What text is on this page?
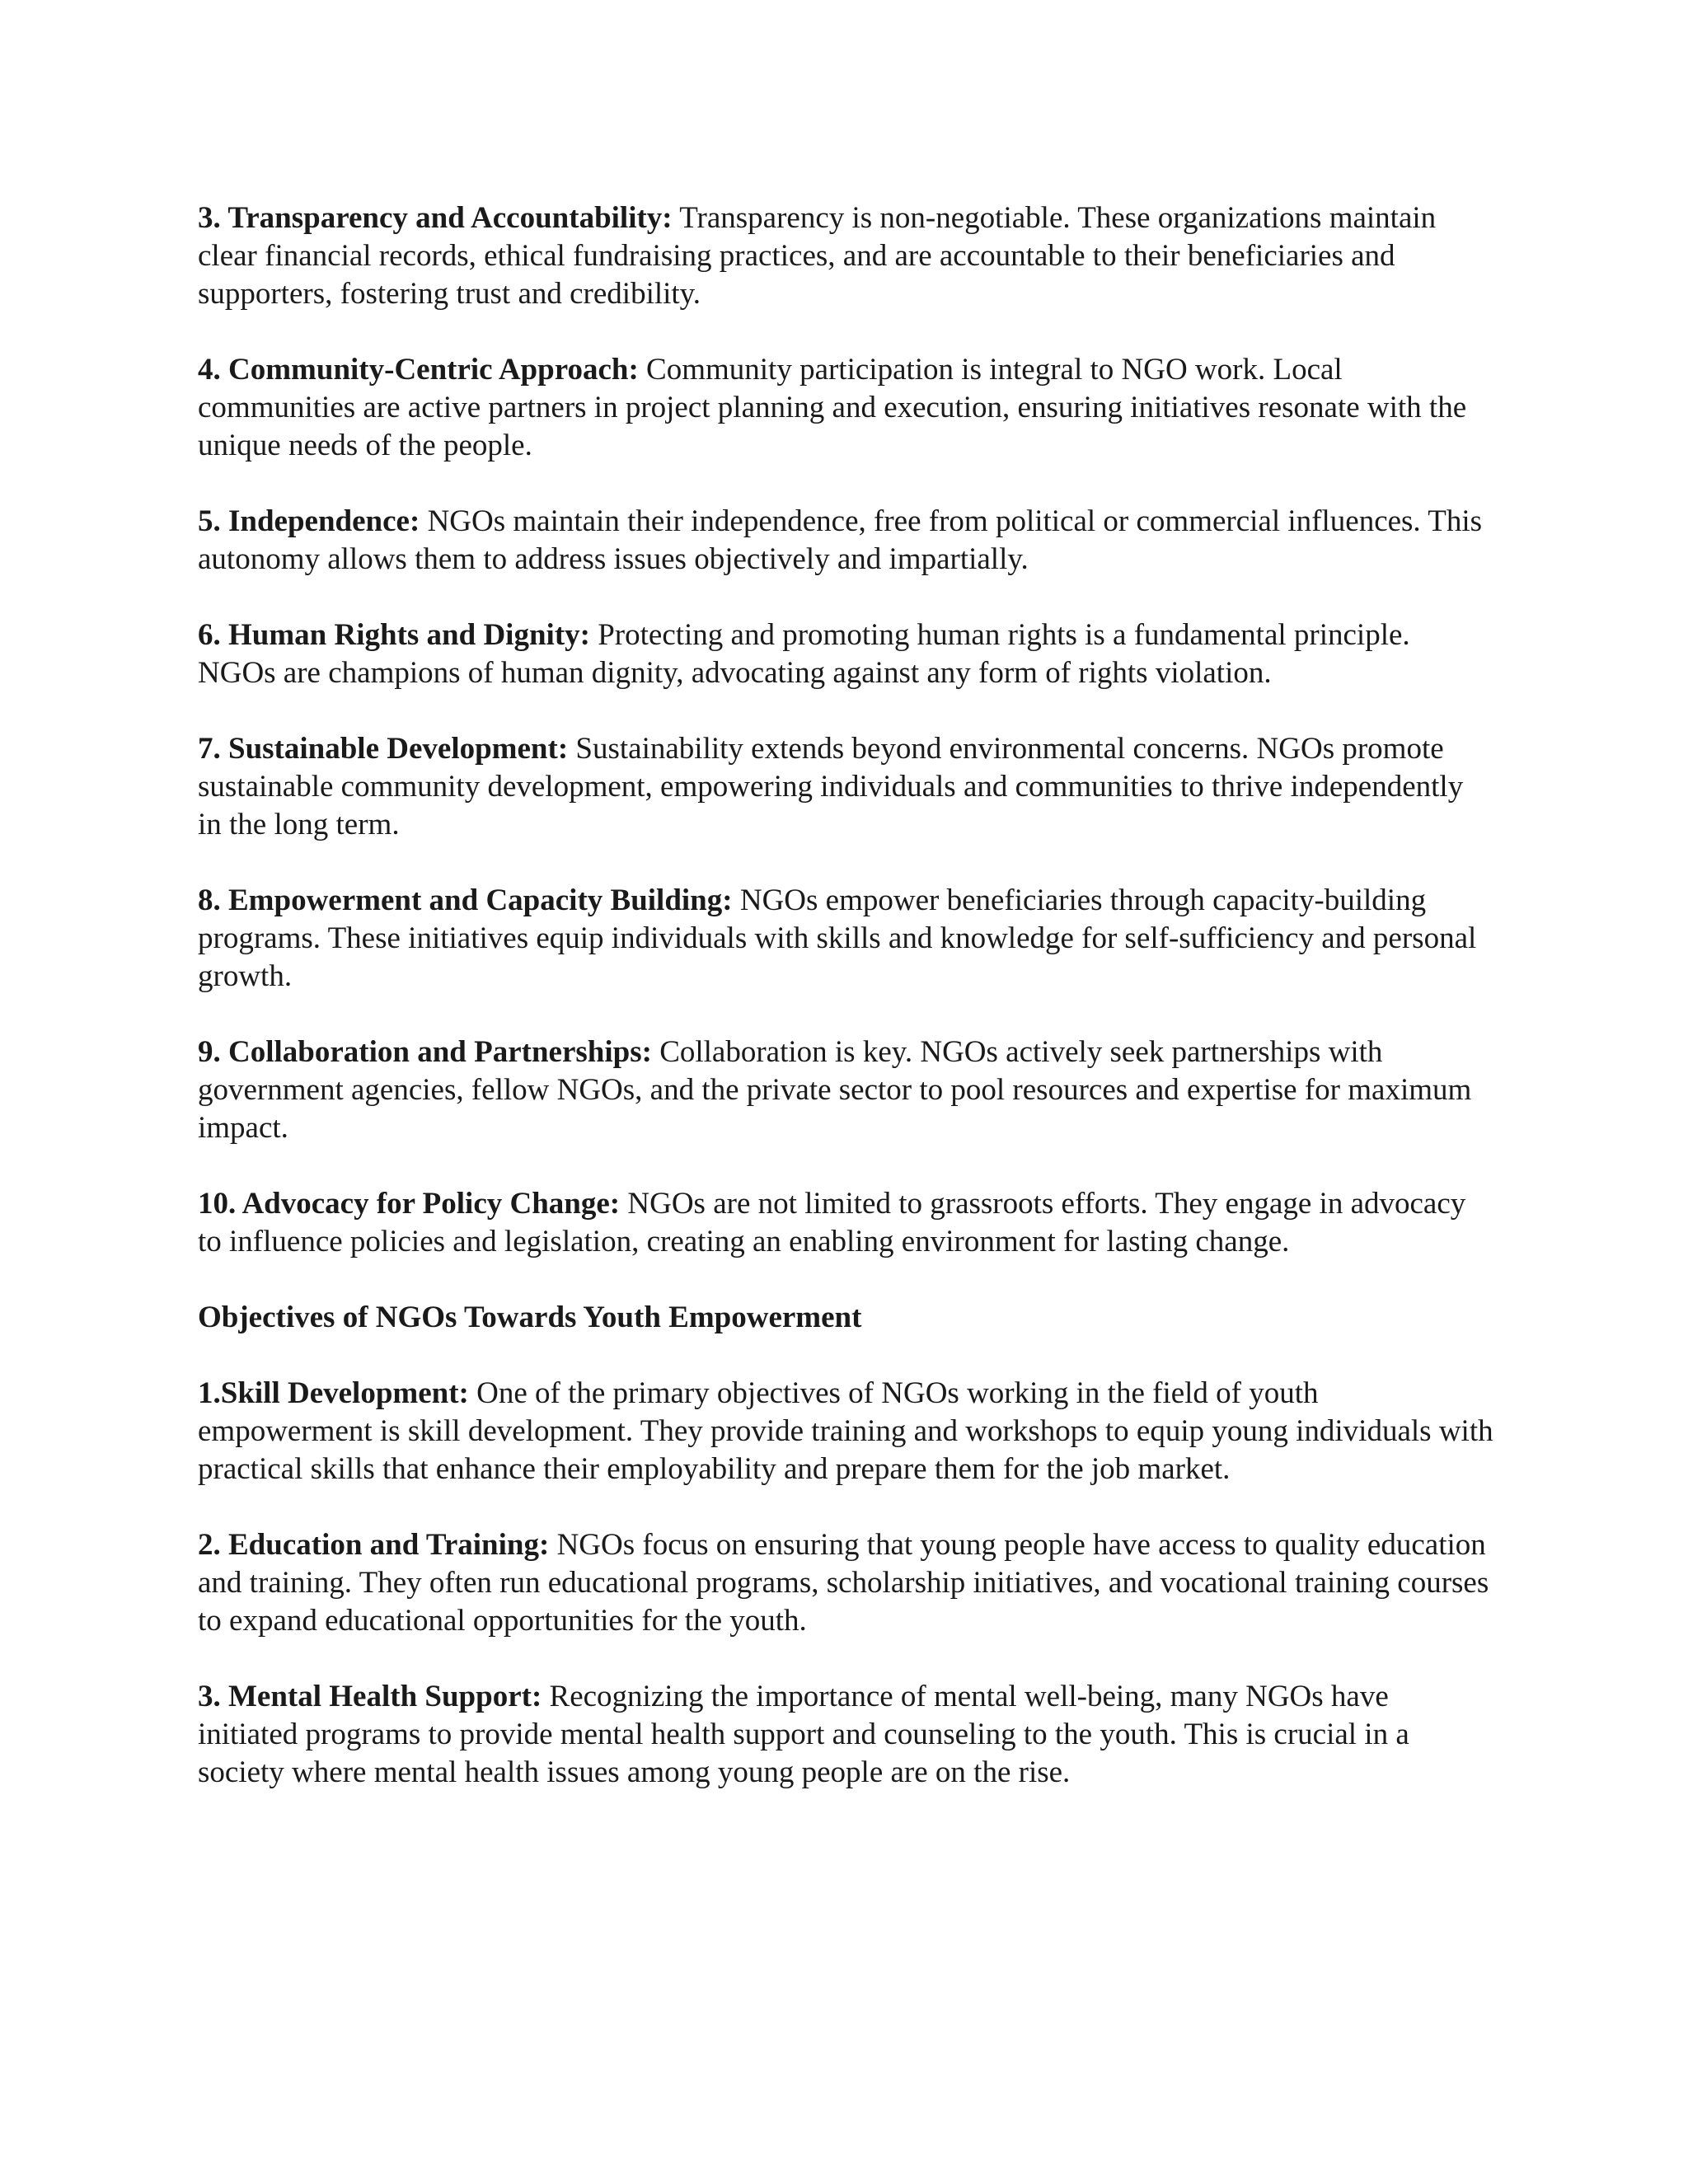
3. Transparency and Accountability: Transparency is non-negotiable. These organizations maintain clear financial records, ethical fundraising practices, and are accountable to their beneficiaries and supporters, fostering trust and credibility.

4. Community-Centric Approach: Community participation is integral to NGO work. Local communities are active partners in project planning and execution, ensuring initiatives resonate with the unique needs of the people.

5. Independence: NGOs maintain their independence, free from political or commercial influences. This autonomy allows them to address issues objectively and impartially.

6. Human Rights and Dignity: Protecting and promoting human rights is a fundamental principle. NGOs are champions of human dignity, advocating against any form of rights violation.

7. Sustainable Development: Sustainability extends beyond environmental concerns. NGOs promote sustainable community development, empowering individuals and communities to thrive independently in the long term.

8. Empowerment and Capacity Building: NGOs empower beneficiaries through capacity-building programs. These initiatives equip individuals with skills and knowledge for self-sufficiency and personal growth.

9. Collaboration and Partnerships: Collaboration is key. NGOs actively seek partnerships with government agencies, fellow NGOs, and the private sector to pool resources and expertise for maximum impact.

10. Advocacy for Policy Change: NGOs are not limited to grassroots efforts. They engage in advocacy to influence policies and legislation, creating an enabling environment for lasting change.

Objectives of NGOs Towards Youth Empowerment

1.Skill Development: One of the primary objectives of NGOs working in the field of youth empowerment is skill development. They provide training and workshops to equip young individuals with practical skills that enhance their employability and prepare them for the job market.

2. Education and Training: NGOs focus on ensuring that young people have access to quality education and training. They often run educational programs, scholarship initiatives, and vocational training courses to expand educational opportunities for the youth.

3. Mental Health Support: Recognizing the importance of mental well-being, many NGOs have initiated programs to provide mental health support and counseling to the youth. This is crucial in a society where mental health issues among young people are on the rise.
